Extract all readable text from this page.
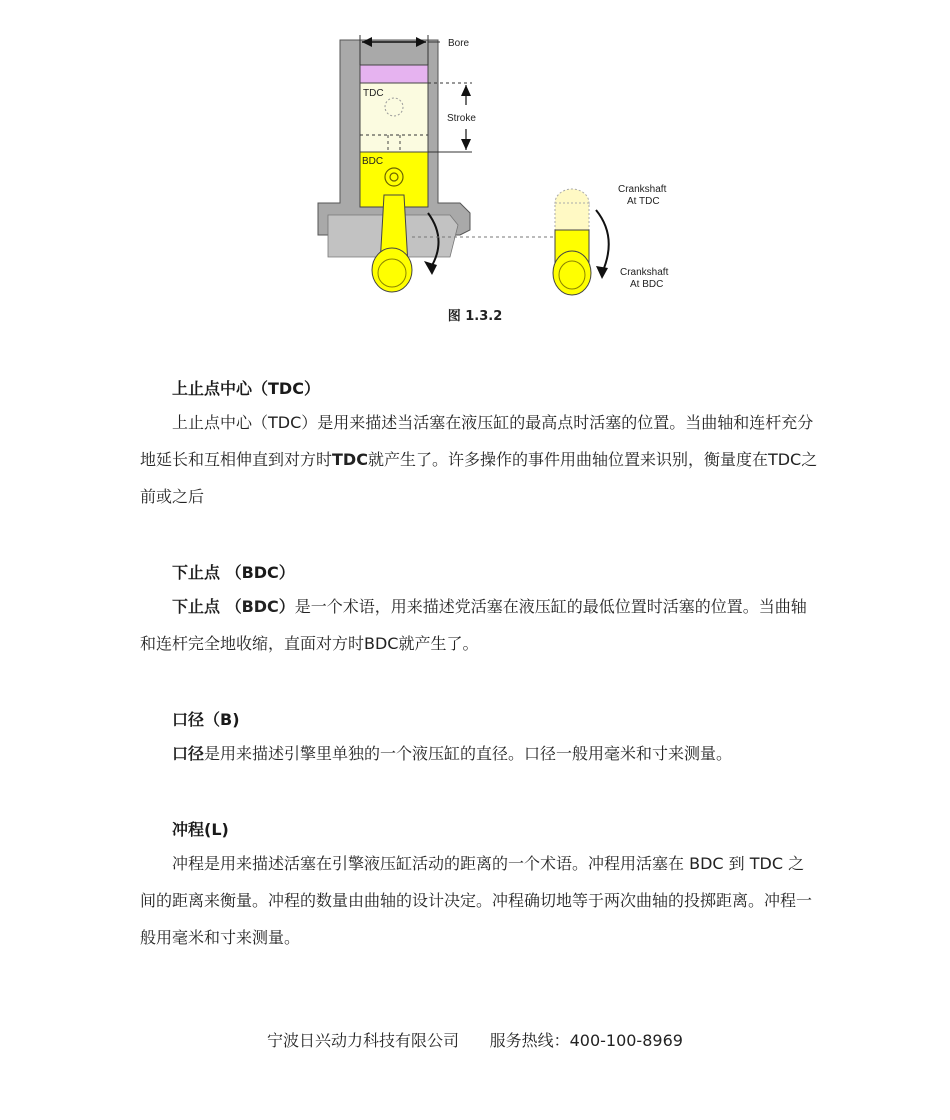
Bore
Stroke
TDC
BDC
Crankshaft
At TDC
Crankshaft
At BDC
图 1.3.2
上止点中心（TDC）
上止点中心（TDC）是用来描述当活塞在液压缸的最高点时活塞的位置。当曲轴和连杆充分地延长和互相伸直到对方时TDC就产生了。许多操作的事件用曲轴位置来识别，衡量度在TDC之前或之后
下止点 （BDC）
下止点 （BDC）是一个术语，用来描述党活塞在液压缸的最低位置时活塞的位置。当曲轴和连杆完全地收缩，直面对方时BDC就产生了。
口径（B)
口径是用来描述引擎里单独的一个液压缸的直径。口径一般用毫米和寸来测量。
冲程(L)
冲程是用来描述活塞在引擎液压缸活动的距离的一个术语。冲程用活塞在 BDC 到 TDC 之间的距离来衡量。冲程的数量由曲轴的设计决定。冲程确切地等于两次曲轴的投掷距离。冲程一般用毫米和寸来测量。
宁波日兴动力科技有限公司 服务热线：400-100-8969
